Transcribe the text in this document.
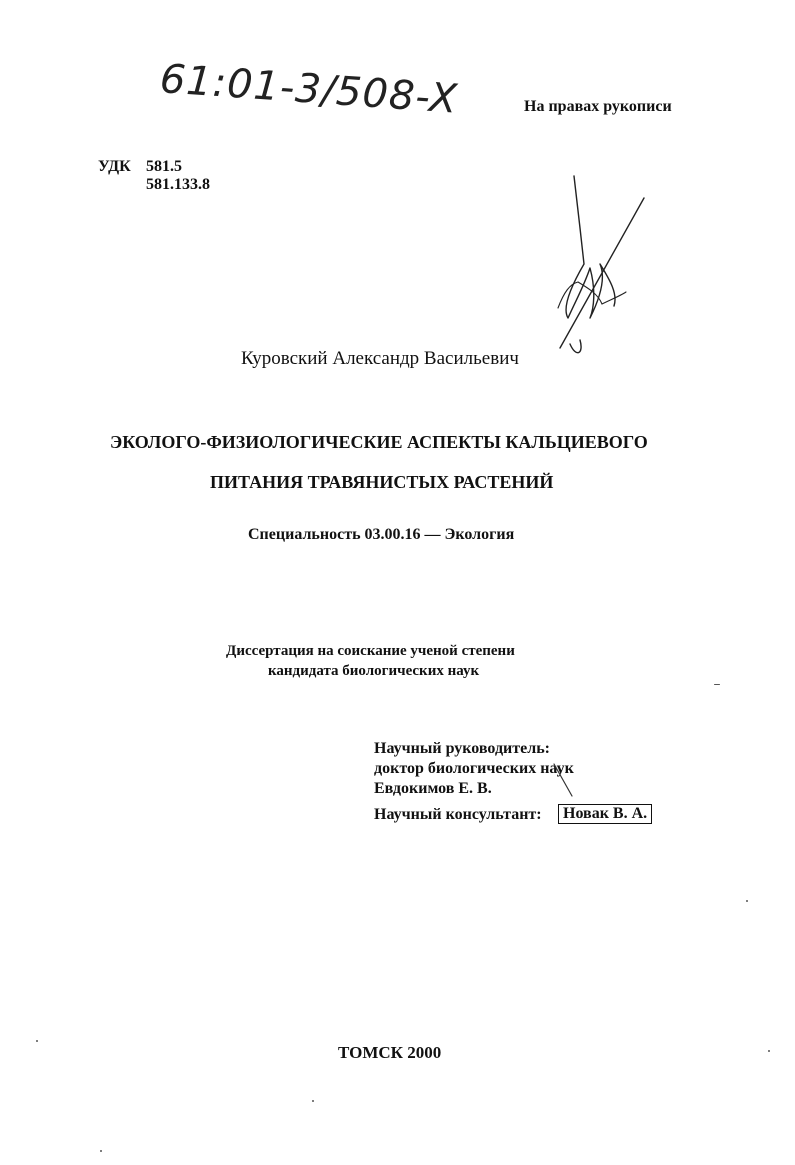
61:01-3/508-X	На правах рукописи
УДК 581.5
581.133.8
Куровский Александр Васильевич
ЭКОЛОГО-ФИЗИОЛОГИЧЕСКИЕ АСПЕКТЫ КАЛЬЦИЕВОГО
ПИТАНИЯ ТРАВЯНИСТЫХ РАСТЕНИЙ
Специальность 03.00.16 — Экология
Диссертация на соискание ученой степени
кандидата биологических наук
Научный руководитель:
доктор биологических наук
Евдокимов Е. В.
Научный консультант:	Новак В. А.
ТОМСК 2000
